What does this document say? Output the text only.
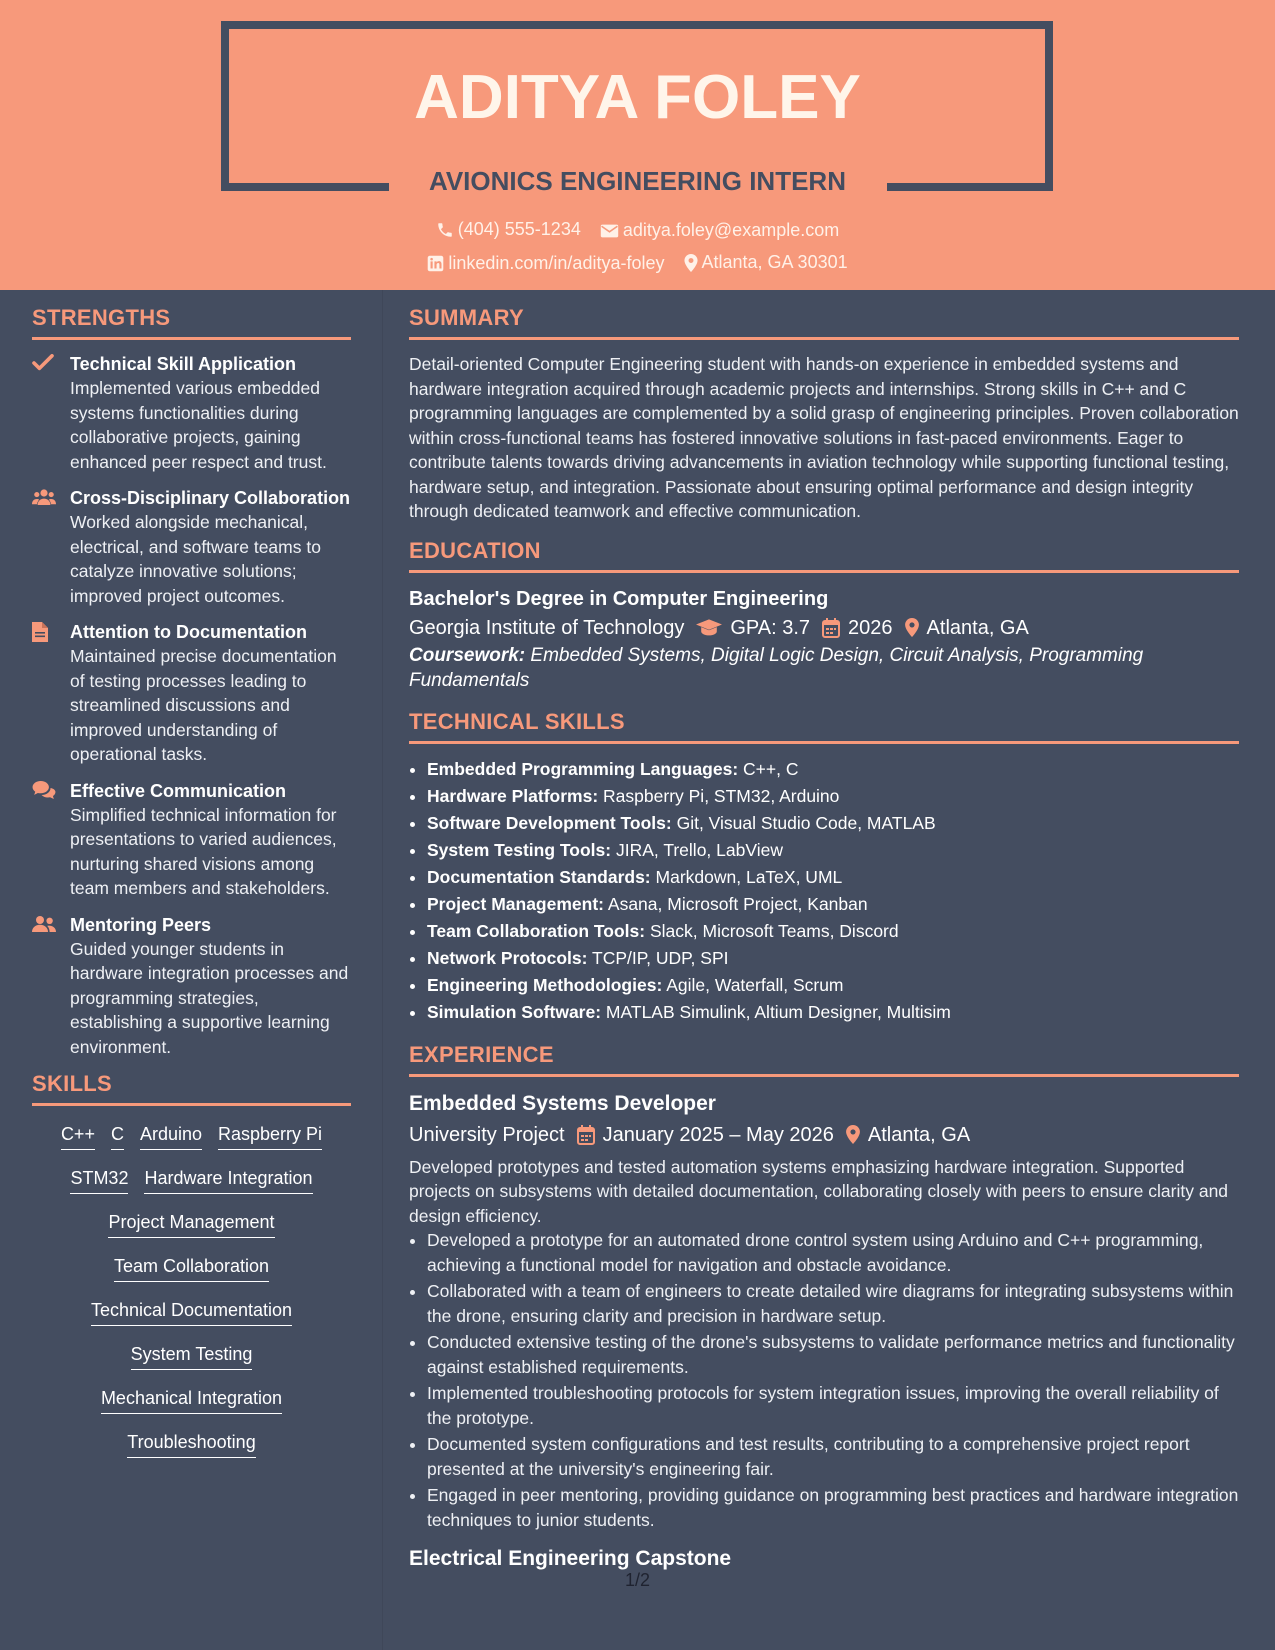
ADITYA FOLEY
AVIONICS ENGINEERING INTERN
(404) 555-1234
aditya.foley@example.com
linkedin.com/in/aditya-foley
Atlanta, GA 30301
STRENGTHS
Technical Skill Application
Implemented various embedded systems functionalities during collaborative projects, gaining enhanced peer respect and trust.
Cross-Disciplinary Collaboration
Worked alongside mechanical, electrical, and software teams to catalyze innovative solutions; improved project outcomes.
Attention to Documentation
Maintained precise documentation of testing processes leading to streamlined discussions and improved understanding of operational tasks.
Effective Communication
Simplified technical information for presentations to varied audiences, nurturing shared visions among team members and stakeholders.
Mentoring Peers
Guided younger students in hardware integration processes and programming strategies, establishing a supportive learning environment.
SKILLS
C++ C Arduino Raspberry Pi
STM32 Hardware Integration
Project Management
Team Collaboration
Technical Documentation
System Testing
Mechanical Integration
Troubleshooting
SUMMARY
Detail-oriented Computer Engineering student with hands-on experience in embedded systems and hardware integration acquired through academic projects and internships. Strong skills in C++ and C programming languages are complemented by a solid grasp of engineering principles. Proven collaboration within cross-functional teams has fostered innovative solutions in fast-paced environments. Eager to contribute talents towards driving advancements in aviation technology while supporting functional testing, hardware setup, and integration. Passionate about ensuring optimal performance and design integrity through dedicated teamwork and effective communication.
EDUCATION
Bachelor's Degree in Computer Engineering
Georgia Institute of Technology GPA: 3.7 2026 Atlanta, GA
Coursework: Embedded Systems, Digital Logic Design, Circuit Analysis, Programming Fundamentals
TECHNICAL SKILLS
• Embedded Programming Languages: C++, C
• Hardware Platforms: Raspberry Pi, STM32, Arduino
• Software Development Tools: Git, Visual Studio Code, MATLAB
• System Testing Tools: JIRA, Trello, LabView
• Documentation Standards: Markdown, LaTeX, UML
• Project Management: Asana, Microsoft Project, Kanban
• Team Collaboration Tools: Slack, Microsoft Teams, Discord
• Network Protocols: TCP/IP, UDP, SPI
• Engineering Methodologies: Agile, Waterfall, Scrum
• Simulation Software: MATLAB Simulink, Altium Designer, Multisim
EXPERIENCE
Embedded Systems Developer
University Project January 2025 – May 2026 Atlanta, GA
Developed prototypes and tested automation systems emphasizing hardware integration. Supported projects on subsystems with detailed documentation, collaborating closely with peers to ensure clarity and design efficiency.
• Developed a prototype for an automated drone control system using Arduino and C++ programming, achieving a functional model for navigation and obstacle avoidance.
• Collaborated with a team of engineers to create detailed wire diagrams for integrating subsystems within the drone, ensuring clarity and precision in hardware setup.
• Conducted extensive testing of the drone's subsystems to validate performance metrics and functionality against established requirements.
• Implemented troubleshooting protocols for system integration issues, improving the overall reliability of the prototype.
• Documented system configurations and test results, contributing to a comprehensive project report presented at the university's engineering fair.
• Engaged in peer mentoring, providing guidance on programming best practices and hardware integration techniques to junior students.
Electrical Engineering Capstone
1/2
